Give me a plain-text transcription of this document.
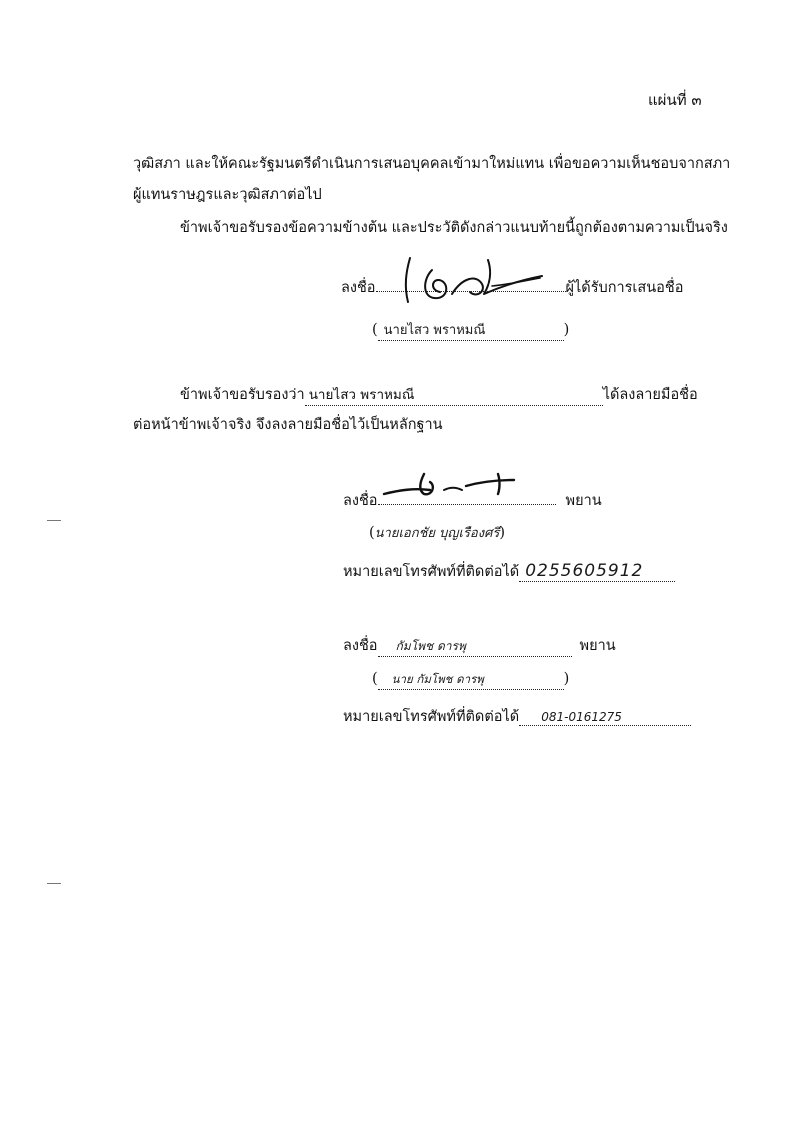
แผ่นที่ ๓
วุฒิสภา และให้คณะรัฐมนตรีดำเนินการเสนอบุคคลเข้ามาใหม่แทน เพื่อขอความเห็นชอบจากสภา
ผู้แทนราษฎรและวุฒิสภาต่อไป
ข้าพเจ้าขอรับรองข้อความข้างต้น และประวัติดังกล่าวแนบท้ายนี้ถูกต้องตามความเป็นจริง
ลงชื่อ	ผู้ได้รับการเสนอชื่อ
( นายไสว พราหมณี	)
ข้าพเจ้าขอรับรองว่า นายไสว พราหมณี	ได้ลงลายมือชื่อ
ต่อหน้าข้าพเจ้าจริง จึงลงลายมือชื่อไว้เป็นหลักฐาน
ลงชื่อ	พยาน
(นายเอกชัย บุญเรืองศรี)
หมายเลขโทรศัพท์ที่ติดต่อได้ 0255605912
ลงชื่อ กัมโพช ดารพุ	พยาน
( นาย กัมโพช ดารพุ	)
หมายเลขโทรศัพท์ที่ติดต่อได้ 081-0161275
